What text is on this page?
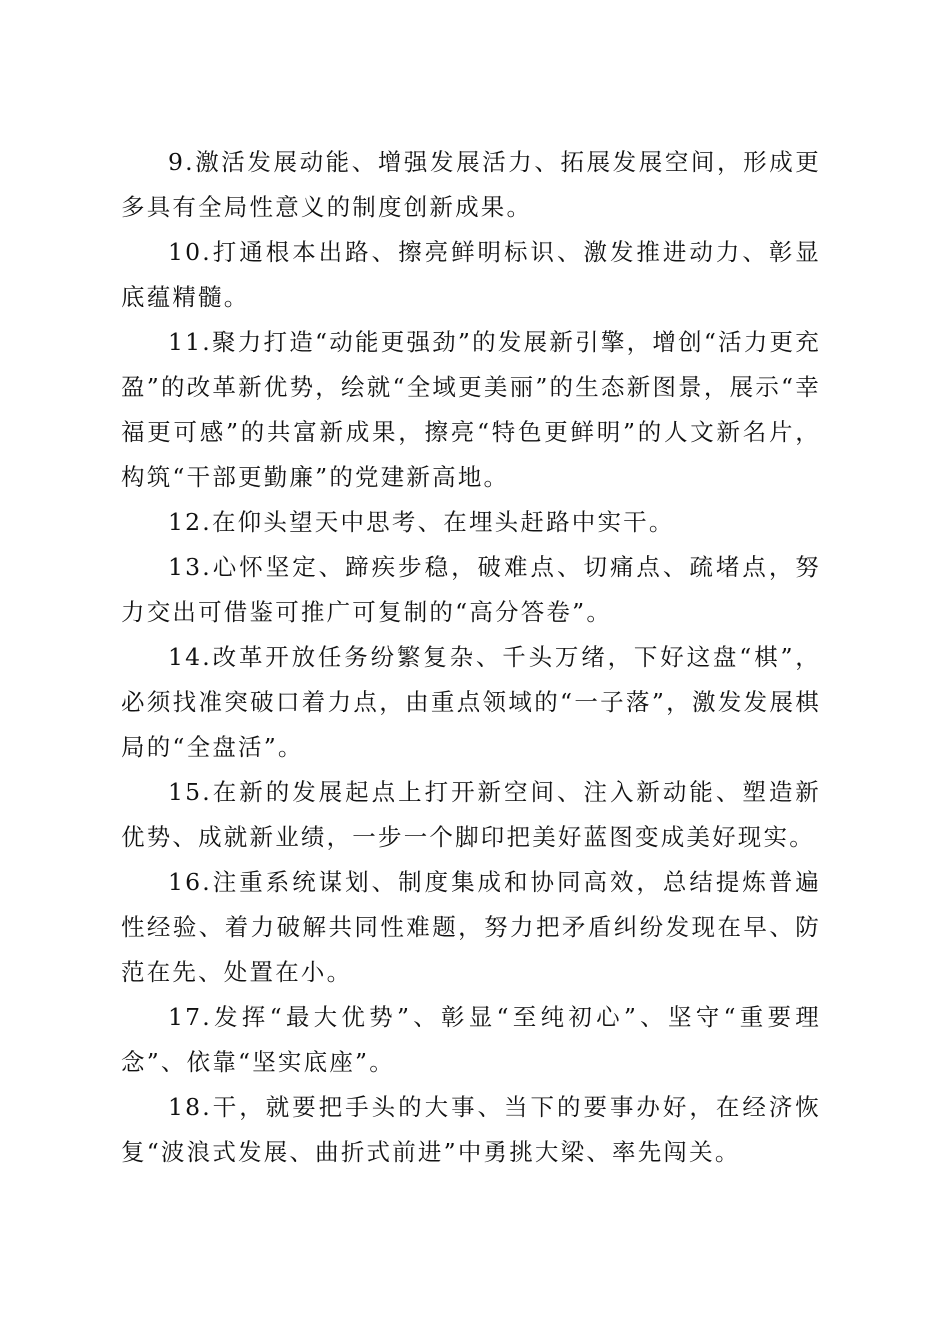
9.激活发展动能、增强发展活力、拓展发展空间，形成更多具有全局性意义的制度创新成果。

10.打通根本出路、擦亮鲜明标识、激发推进动力、彰显底蕴精髓。

11.聚力打造“动能更强劲”的发展新引擎，增创“活力更充盈”的改革新优势，绘就“全域更美丽”的生态新图景，展示“幸福更可感”的共富新成果，擦亮“特色更鲜明”的人文新名片，构筑“干部更勤廉”的党建新高地。

12.在仰头望天中思考、在埋头赶路中实干。

13.心怀坚定、蹄疾步稳，破难点、切痛点、疏堵点，努力交出可借鉴可推广可复制的“高分答卷”。

14.改革开放任务纷繁复杂、千头万绪，下好这盘“棋”，必须找准突破口着力点，由重点领域的“一子落”，激发发展棋局的“全盘活”。

15.在新的发展起点上打开新空间、注入新动能、塑造新优势、成就新业绩，一步一个脚印把美好蓝图变成美好现实。

16.注重系统谋划、制度集成和协同高效，总结提炼普遍性经验、着力破解共同性难题，努力把矛盾纠纷发现在早、防范在先、处置在小。

17.发挥“最大优势”、彰显“至纯初心”、坚守“重要理念”、依靠“坚实底座”。

18.干，就要把手头的大事、当下的要事办好，在经济恢复“波浪式发展、曲折式前进”中勇挑大梁、率先闯关。
